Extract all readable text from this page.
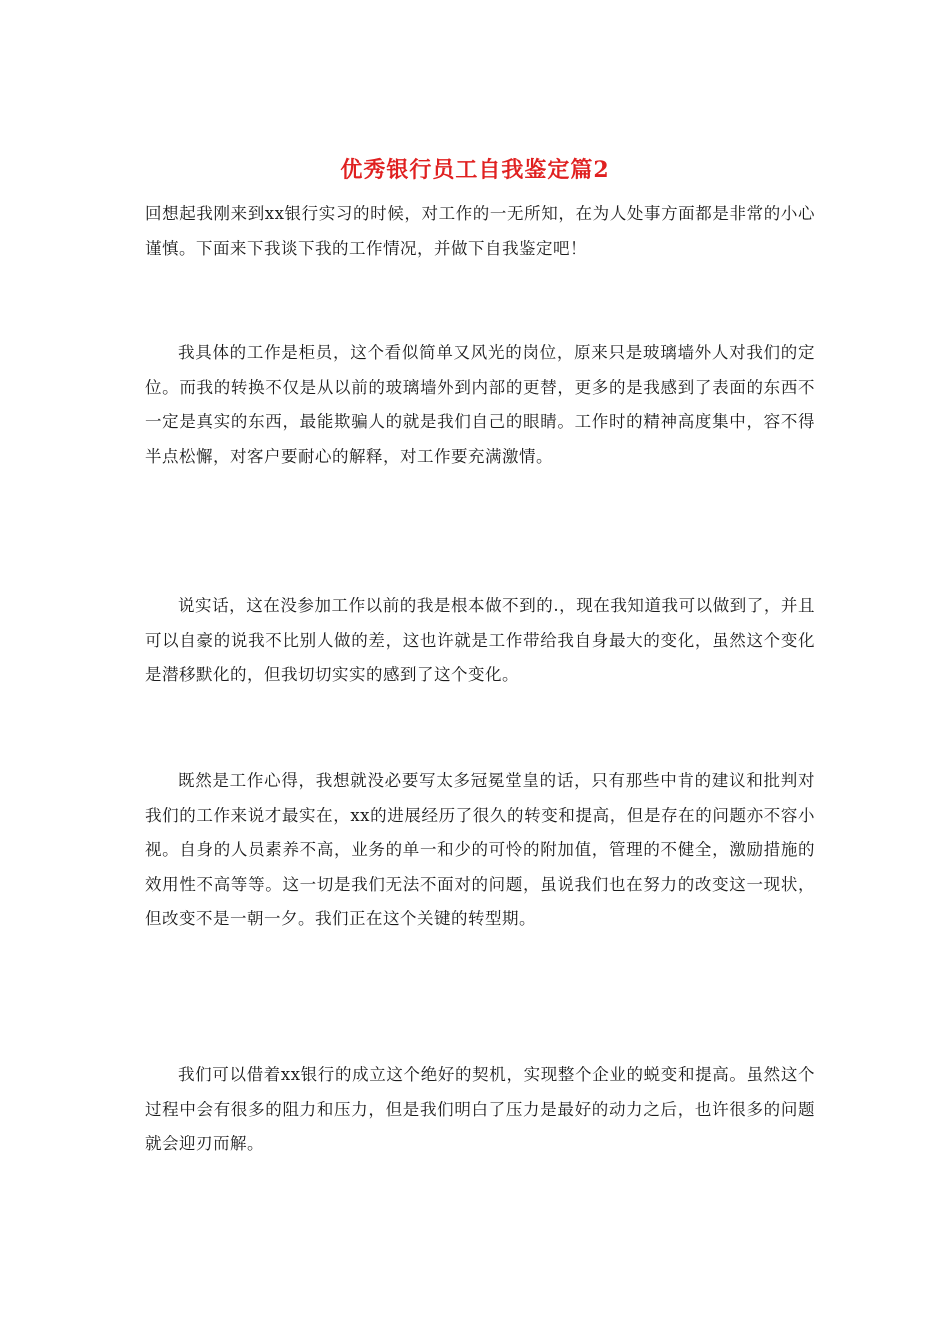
优秀银行员工自我鉴定篇2

回想起我刚来到xx银行实习的时候，对工作的一无所知，在为人处事方面都是非常的小心谨慎。下面来下我谈下我的工作情况，并做下自我鉴定吧！

我具体的工作是柜员，这个看似简单又风光的岗位，原来只是玻璃墙外人对我们的定位。而我的转换不仅是从以前的玻璃墙外到内部的更替，更多的是我感到了表面的东西不一定是真实的东西，最能欺骗人的就是我们自己的眼睛。工作时的精神高度集中，容不得半点松懈，对客户要耐心的解释，对工作要充满激情。

说实话，这在没参加工作以前的我是根本做不到的.，现在我知道我可以做到了，并且可以自豪的说我不比别人做的差，这也许就是工作带给我自身最大的变化，虽然这个变化是潜移默化的，但我切切实实的感到了这个变化。

既然是工作心得，我想就没必要写太多冠冕堂皇的话，只有那些中肯的建议和批判对我们的工作来说才最实在，xx的进展经历了很久的转变和提高，但是存在的问题亦不容小视。自身的人员素养不高，业务的单一和少的可怜的附加值，管理的不健全，激励措施的效用性不高等等。这一切是我们无法不面对的问题，虽说我们也在努力的改变这一现状，但改变不是一朝一夕。我们正在这个关键的转型期。

我们可以借着xx银行的成立这个绝好的契机，实现整个企业的蜕变和提高。虽然这个过程中会有很多的阻力和压力，但是我们明白了压力是最好的动力之后，也许很多的问题就会迎刃而解。
